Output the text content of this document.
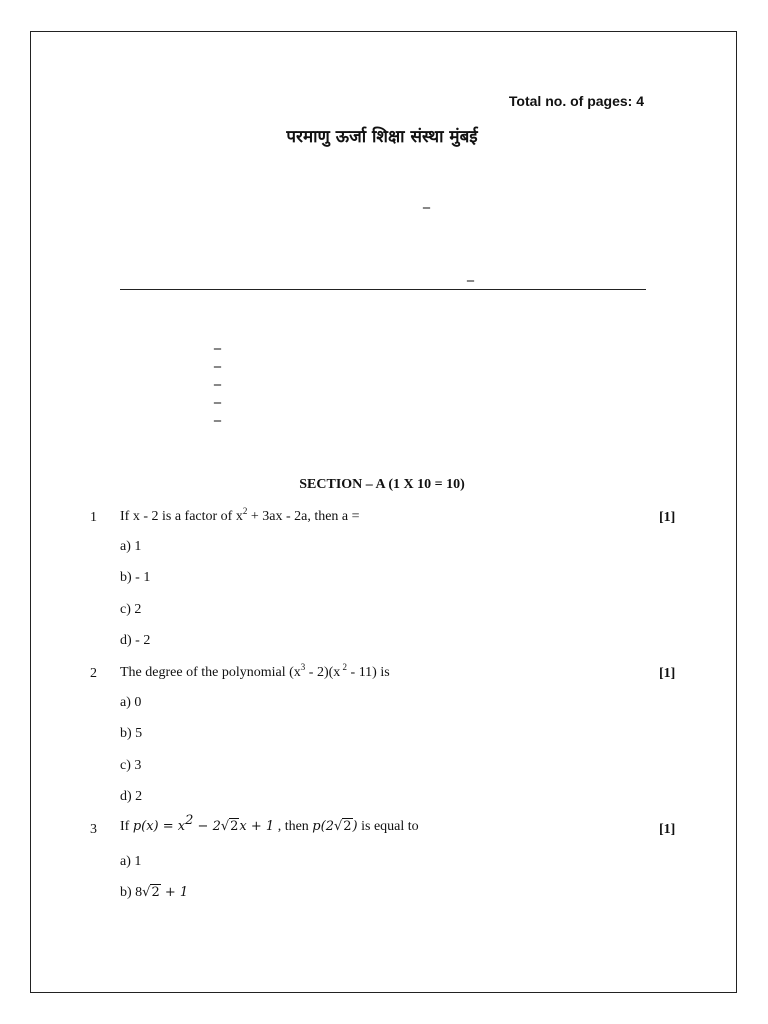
Total no. of pages: 4
परमाणु ऊर्जा शिक्षा संस्था मुंबई
_
_
_
_
_
_
_
SECTION – A (1 X 10 = 10)
1 If x - 2 is a factor of $x^2 + 3ax - 2a$, then a =	[1]
a) 1
b) - 1
c) 2
d) - 2
2 The degree of the polynomial $(x^3 - 2)(x$ $^2$ - 11) is	[1]
a) 0
b) 5
c) 3
d) 2
3 If $p(x) = x^2 - 2√2x + 1$ , then p(2√2) is equal to	[1]
a) 1
b) 8√2 + 1
